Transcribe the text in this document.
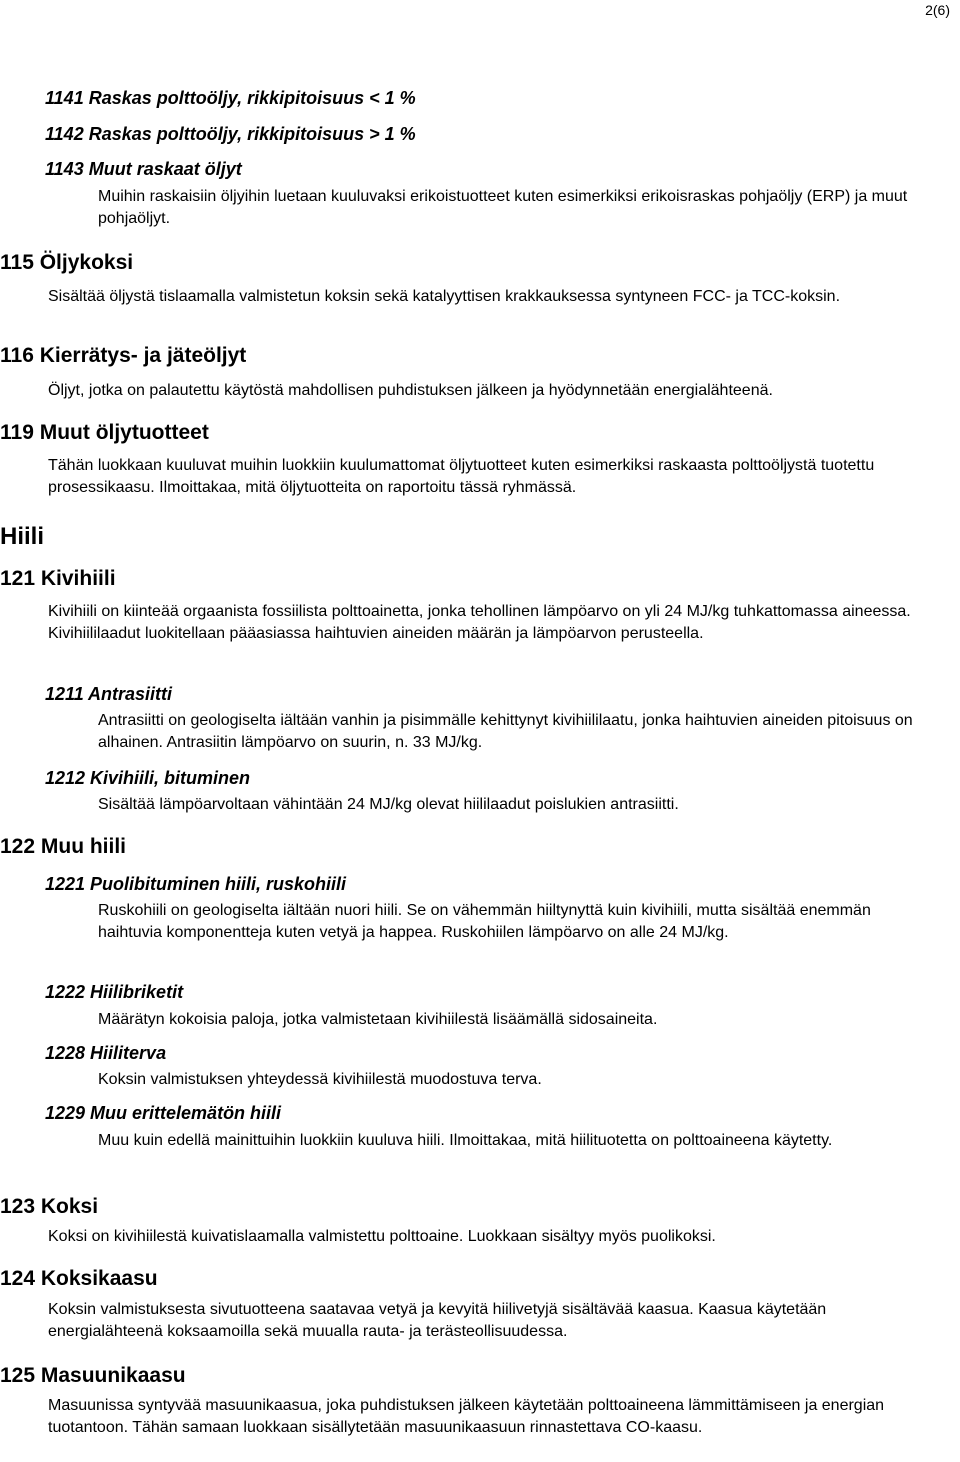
2(6)
1141 Raskas polttoöljy, rikkipitoisuus < 1 %
1142 Raskas polttoöljy, rikkipitoisuus > 1 %
1143 Muut raskaat öljyt
Muihin raskaisiin öljyihin luetaan kuuluvaksi erikoistuotteet kuten esimerkiksi erikoisraskas pohjaöljy (ERP) ja muut pohjaöljyt.
115 Öljykoksi
Sisältää öljystä tislaamalla valmistetun koksin sekä katalyyttisen krakkauksessa syntyneen FCC- ja TCC-koksin.
116 Kierrätys- ja jäteöljyt
Öljyt, jotka on palautettu käytöstä mahdollisen puhdistuksen jälkeen ja hyödynnetään energialähteenä.
119 Muut öljytuotteet
Tähän luokkaan kuuluvat muihin luokkiin kuulumattomat öljytuotteet kuten esimerkiksi raskaasta polttoöljystä tuotettu prosessikaasu. Ilmoittakaa, mitä öljytuotteita on raportoitu tässä ryhmässä.
Hiili
121 Kivihiili
Kivihiili on kiinteää orgaanista fossiilista polttoainetta, jonka tehollinen lämpöarvo on yli 24 MJ/kg tuhkattomassa aineessa. Kivihiililaadut luokitellaan pääasiassa haihtuvien aineiden määrän ja lämpöarvon perusteella.
1211 Antrasiitti
Antrasiitti on geologiselta iältään vanhin ja pisimmälle kehittynyt kivihiililaatu, jonka haihtuvien aineiden pitoisuus on alhainen. Antrasiitin lämpöarvo on suurin, n. 33 MJ/kg.
1212 Kivihiili, bituminen
Sisältää lämpöarvoltaan vähintään 24 MJ/kg olevat hiililaadut poislukien antrasiitti.
122 Muu hiili
1221 Puolibituminen hiili, ruskohiili
Ruskohiili on geologiselta iältään nuori hiili. Se on vähemmän hiiltynyttä kuin kivihiili, mutta sisältää enemmän haihtuvia komponentteja kuten vetyä ja happea. Ruskohiilen lämpöarvo on alle 24 MJ/kg.
1222 Hiilibriketit
Määrätyn kokoisia paloja, jotka valmistetaan kivihiilestä lisäämällä sidosaineita.
1228 Hiiliterva
Koksin valmistuksen yhteydessä kivihiilestä muodostuva terva.
1229 Muu erittelemätön hiili
Muu kuin edellä mainittuihin luokkiin kuuluva hiili. Ilmoittakaa, mitä hiilituotetta on polttoaineena käytetty.
123 Koksi
Koksi on kivihiilestä kuivatislaamalla valmistettu polttoaine. Luokkaan sisältyy myös puolikoksi.
124 Koksikaasu
Koksin valmistuksesta sivutuotteena saatavaa vetyä ja kevyitä hiilivetyjä sisältävää kaasua. Kaasua käytetään energialähteenä koksaamoilla sekä muualla rauta- ja terästeollisuudessa.
125 Masuunikaasu
Masuunissa syntyvää masuunikaasua, joka puhdistuksen jälkeen käytetään polttoaineena lämmittämiseen ja energian tuotantoon. Tähän samaan luokkaan sisällytetään masuunikaasuun rinnastettava CO-kaasu.
